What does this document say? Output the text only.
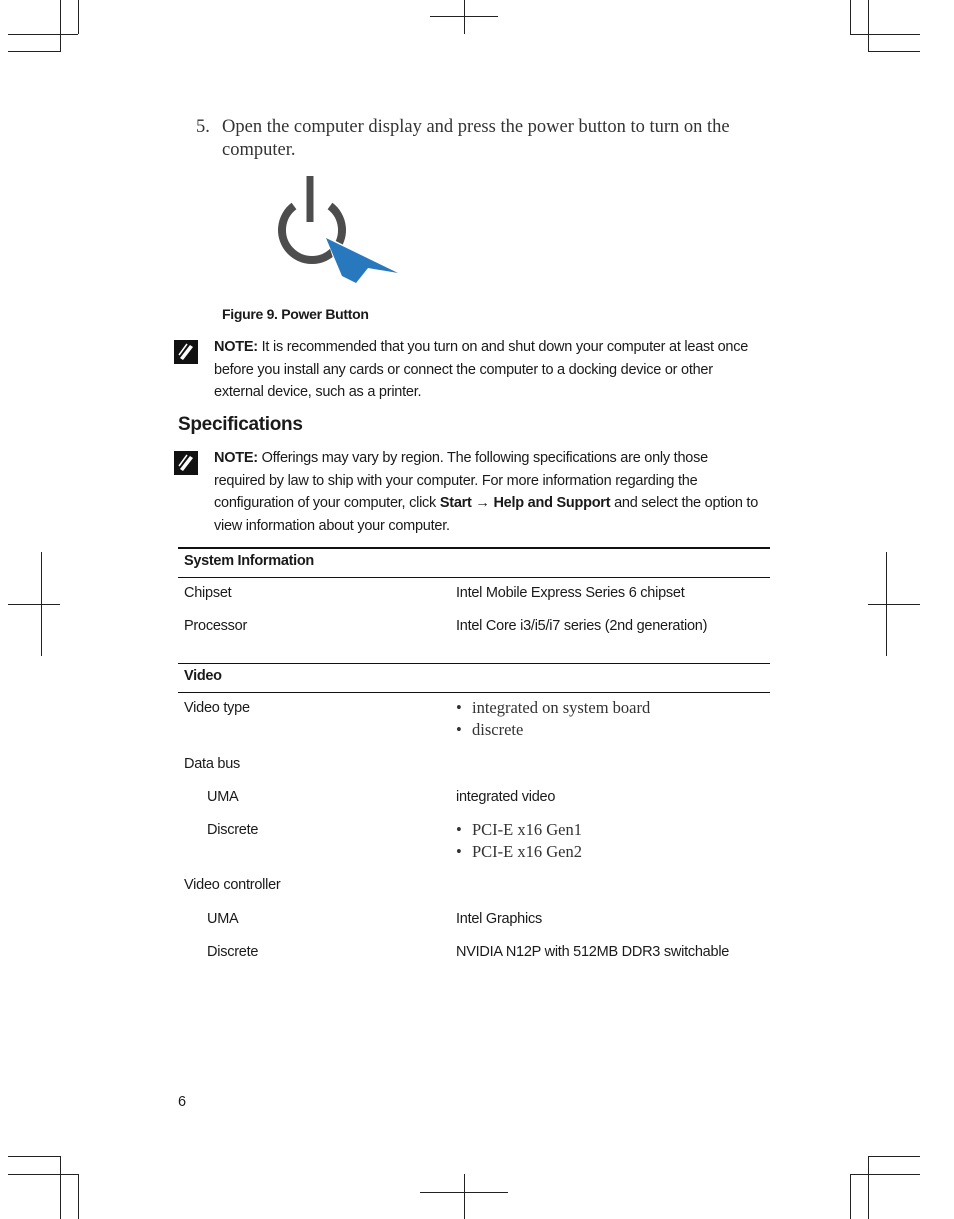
5. Open the computer display and press the power button to turn on the computer.
Figure 9. Power Button
NOTE: It is recommended that you turn on and shut down your computer at least once before you install any cards or connect the computer to a docking device or other external device, such as a printer.
Specifications
NOTE: Offerings may vary by region. The following specifications are only those required by law to ship with your computer. For more information regarding the configuration of your computer, click Start → Help and Support and select the option to view information about your computer.
System Information
Chipset	Intel Mobile Express Series 6 chipset
Processor	Intel Core i3/i5/i7 series (2nd generation)
Video
Video type	• integrated on system board
• discrete
Data bus
UMA	integrated video
Discrete	• PCI-E x16 Gen1
• PCI-E x16 Gen2
Video controller
UMA	Intel Graphics
Discrete	NVIDIA N12P with 512MB DDR3 switchable
6
